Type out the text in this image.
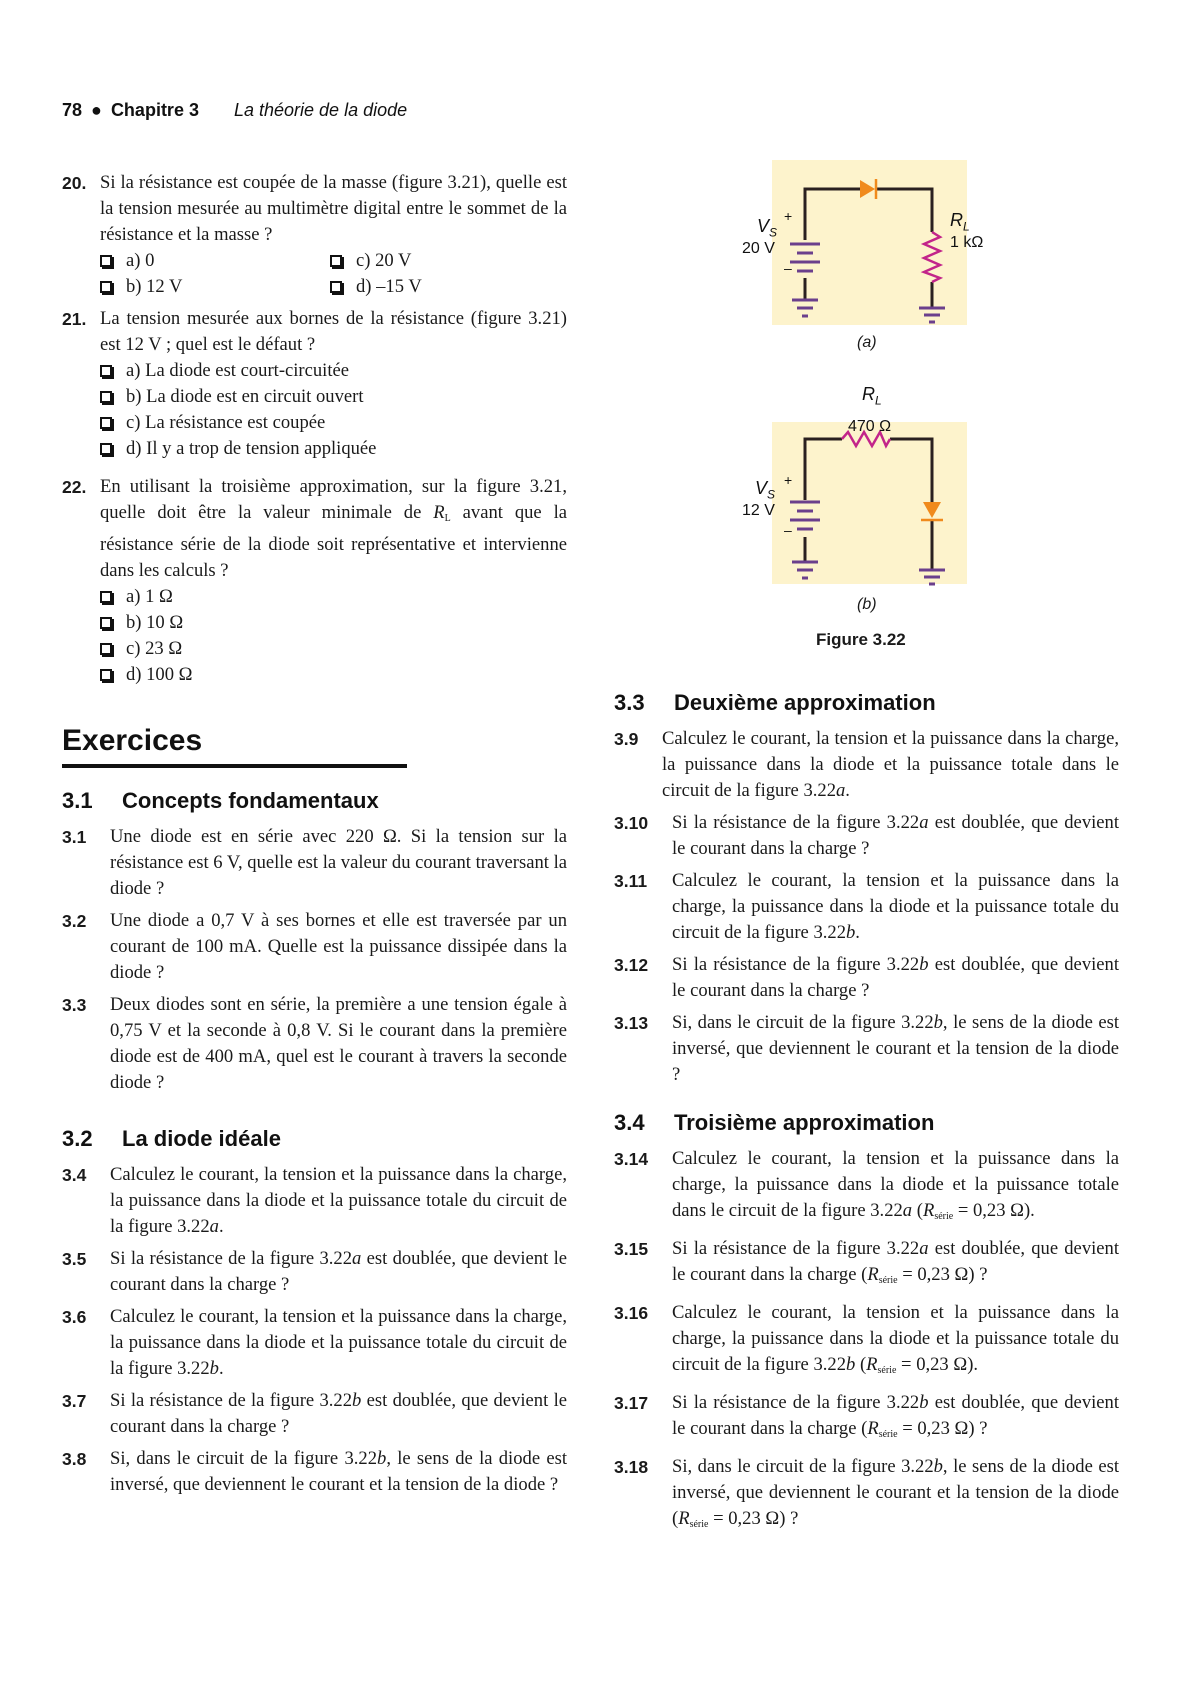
78 ● Chapitre 3 La théorie de la diode
20. Si la résistance est coupée de la masse (figure 3.21), quelle est la tension mesurée au multimètre digital entre le sommet de la résistance et la masse ?
a) 0	c) 20 V
b) 12 V	d) –15 V
21. La tension mesurée aux bornes de la résistance (figure 3.21) est 12 V ; quel est le défaut ?
a) La diode est court-circuitée
b) La diode est en circuit ouvert
c) La résistance est coupée
d) Il y a trop de tension appliquée
22. En utilisant la troisième approximation, sur la figure 3.21, quelle doit être la valeur minimale de $R_L$ avant que la résistance série de la diode soit représentative et intervienne dans les calculs ?
a) 1 Ω
b) 10 Ω
c) 23 Ω
d) 100 Ω
Exercices
3.1	Concepts fondamentaux
3.1 Une diode est en série avec 220 Ω. Si la tension sur la résistance est 6 V, quelle est la valeur du courant traversant la diode ?
3.2 Une diode a 0,7 V à ses bornes et elle est traversée par un courant de 100 mA. Quelle est la puissance dissipée dans la diode ?
3.3 Deux diodes sont en série, la première a une tension égale à 0,75 V et la seconde à 0,8 V. Si le courant dans la première diode est de 400 mA, quel est le courant à travers la seconde diode ?
3.2	La diode idéale
3.4 Calculez le courant, la tension et la puissance dans la charge, la puissance dans la diode et la puissance totale du circuit de la figure 3.22a.
3.5 Si la résistance de la figure 3.22a est doublée, que devient le courant dans la charge ?
3.6 Calculez le courant, la tension et la puissance dans la charge, la puissance dans la diode et la puissance totale du circuit de la figure 3.22b.
3.7 Si la résistance de la figure 3.22b est doublée, que devient le courant dans la charge ?
3.8 Si, dans le circuit de la figure 3.22b, le sens de la diode est inversé, que deviennent le courant et la tension de la diode ?
+
–
$V_S$
20 V
$R_L$
1 kΩ
(a)
$R_L$
470 Ω
+
–
$V_S$
12 V
(b)
Figure 3.22
3.3	Deuxième approximation
3.9 Calculez le courant, la tension et la puissance dans la charge, la puissance dans la diode et la puissance totale dans le circuit de la figure 3.22a.
3.10 Si la résistance de la figure 3.22a est doublée, que devient le courant dans la charge ?
3.11 Calculez le courant, la tension et la puissance dans la charge, la puissance dans la diode et la puissance totale du circuit de la figure 3.22b.
3.12 Si la résistance de la figure 3.22b est doublée, que devient le courant dans la charge ?
3.13 Si, dans le circuit de la figure 3.22b, le sens de la diode est inversé, que deviennent le courant et la tension de la diode ?
3.4	Troisième approximation
3.14 Calculez le courant, la tension et la puissance dans la charge, la puissance dans la diode et la puissance totale dans le circuit de la figure 3.22a ($R_{série} = 0,23$ Ω).
3.15 Si la résistance de la figure 3.22a est doublée, que devient le courant dans la charge ($R_{série} = 0,23$ Ω) ?
3.16 Calculez le courant, la tension et la puissance dans la charge, la puissance dans la diode et la puissance totale du circuit de la figure 3.22b ($R_{série} = 0,23$ Ω).
3.17 Si la résistance de la figure 3.22b est doublée, que devient le courant dans la charge ($R_{série} = 0,23$ Ω) ?
3.18 Si, dans le circuit de la figure 3.22b, le sens de la diode est inversé, que deviennent le courant et la tension de la diode ($R_{série} = 0,23$ Ω) ?
